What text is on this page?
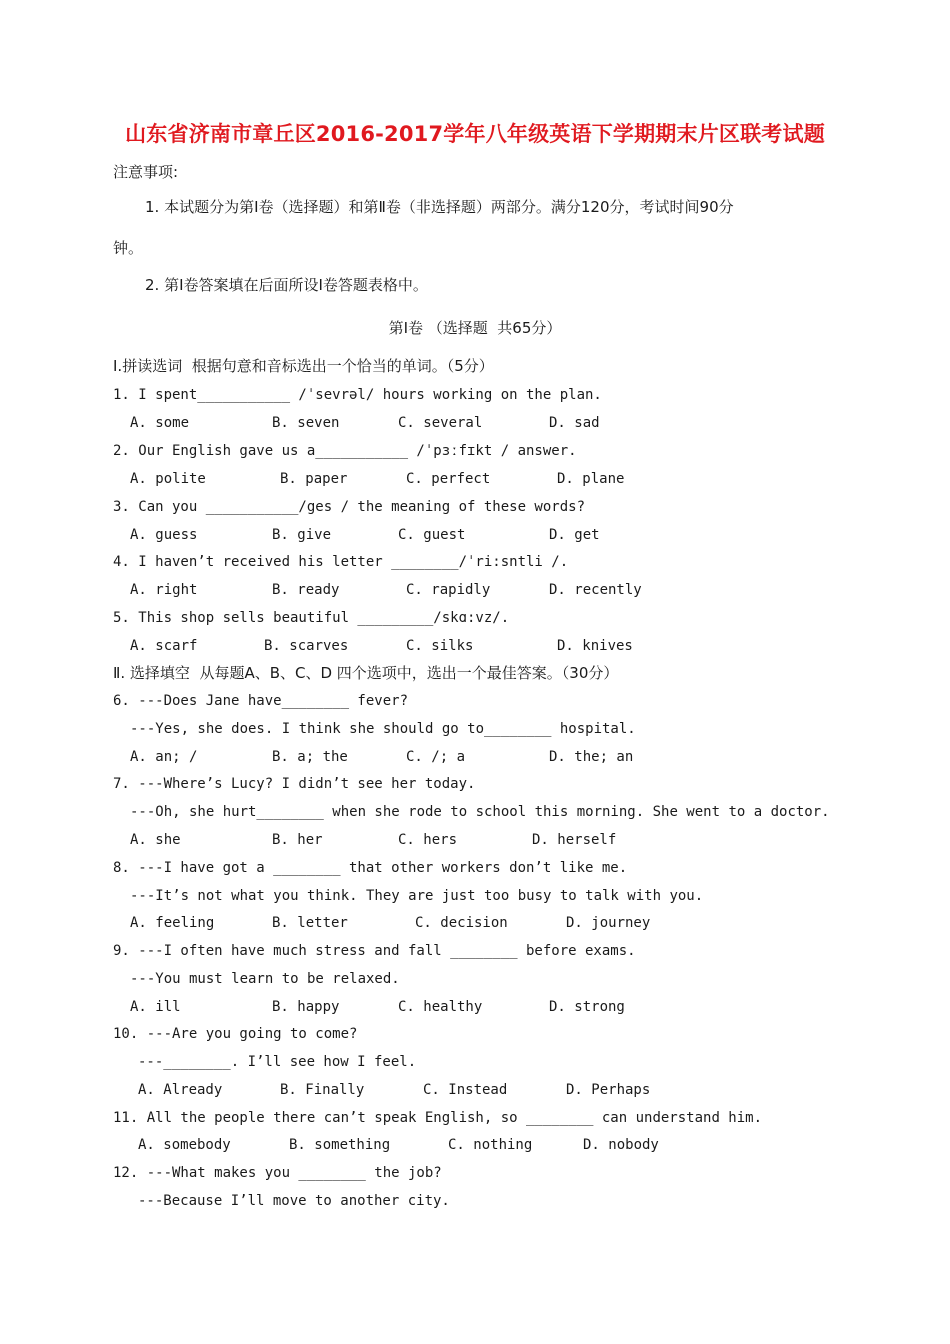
山东省济南市章丘区2016-2017学年八年级英语下学期期末片区联考试题
注意事项:
1. 本试题分为第Ⅰ卷（选择题）和第Ⅱ卷（非选择题）两部分。满分120分，考试时间90分
钟。
2. 第Ⅰ卷答案填在后面所设Ⅰ卷答题表格中。
第Ⅰ卷 （选择题  共65分）
I.拼读选词  根据句意和音标选出一个恰当的单词。（5分）
1. I spent___________ /ˈsevrəl/ hours working on the plan.
A. some	B. seven	C. several	D. sad
2. Our English gave us a___________ /ˈpɜːfɪkt / answer.
A. polite	B. paper	C. perfect	D. plane
3. Can you ___________/ges / the meaning of these words?
A. guess	B. give	C. guest	D. get
4. I haven’t received his letter ________/ˈri:sntli /.
A. right	B. ready	C. rapidly	D. recently
5. This shop sells beautiful _________/skɑ:vz/.
A. scarf	B. scarves	C. silks	D. knives
Ⅱ. 选择填空  从每题A、B、C、D 四个选项中，选出一个最佳答案。（30分）
6. ---Does Jane have________ fever?
---Yes, she does. I think she should go to________ hospital.
A. an; /	B. a; the	C. /; a	D. the; an
7. ---Where’s Lucy? I didn’t see her today.
---Oh, she hurt________ when she rode to school this morning. She went to a doctor.
A. she	B. her	C. hers	D. herself
8. ---I have got a ________ that other workers don’t like me.
---It’s not what you think. They are just too busy to talk with you.
A. feeling	B. letter	C. decision	D. journey
9. ---I often have much stress and fall ________ before exams.
---You must learn to be relaxed.
A. ill	B. happy	C. healthy	D. strong
10. ---Are you going to come?
---________. I’ll see how I feel.
A. Already	B. Finally	C. Instead	D. Perhaps
11. All the people there can’t speak English, so ________ can understand him.
A. somebody	B. something	C. nothing	D. nobody
12. ---What makes you ________ the job?
---Because I’ll move to another city.
